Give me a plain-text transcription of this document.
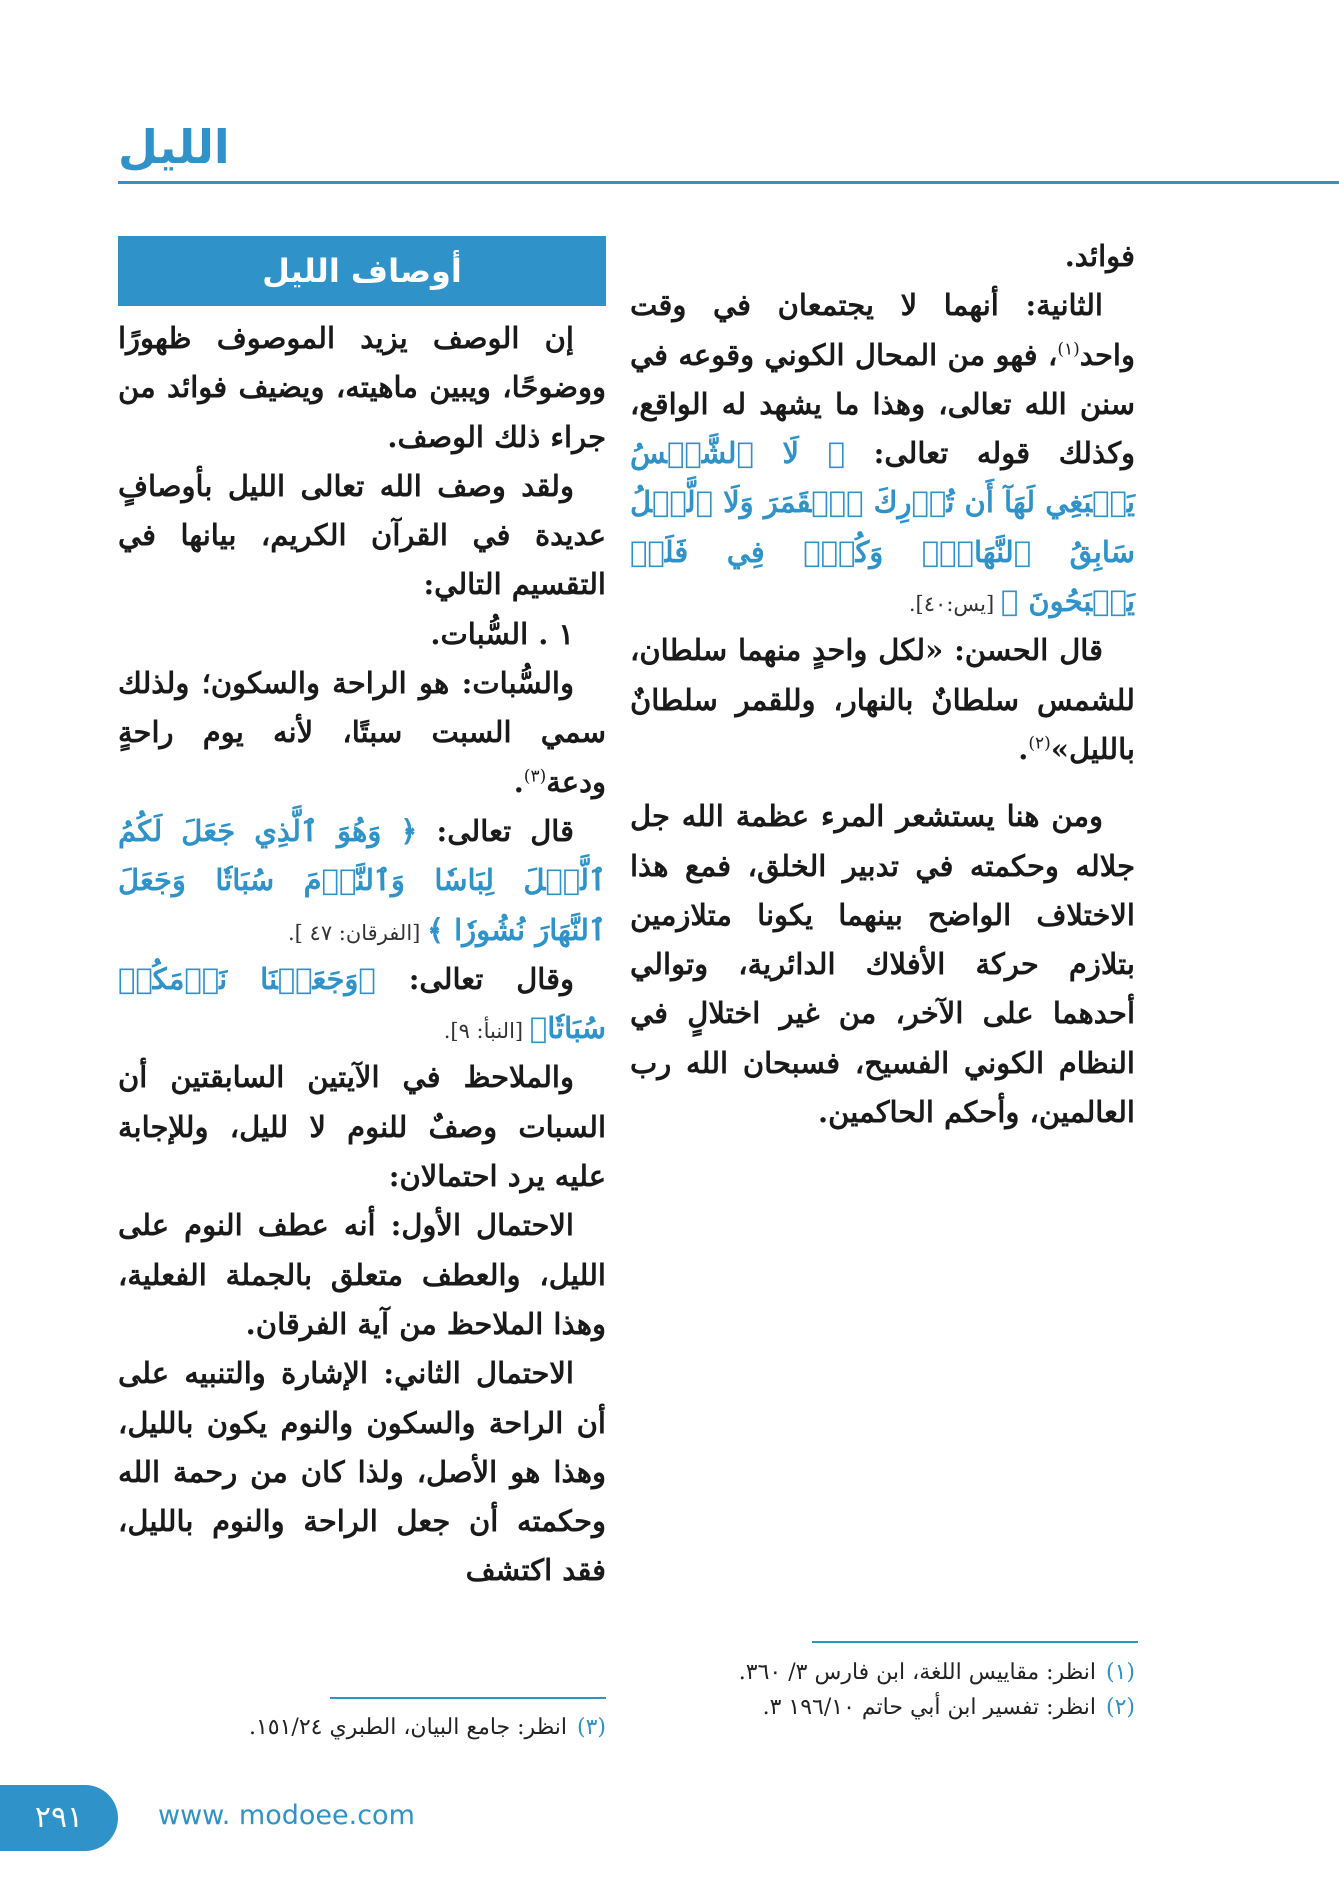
الليل

فوائد.

الثانية: أنهما لا يجتمعان في وقت واحد$^{(١)}$، فهو من المحال الكوني وقوعه في سنن الله تعالى، وهذا ما يشهد له الواقع، وكذلك قوله تعالى: ﴿ لَا ٱلشَّمۡسُ يَنۢبَغِي لَهَآ أَن تُدۡرِكَ ٱلۡقَمَرَ وَلَا ٱلَّيۡلُ سَابِقُ ٱلنَّهَارِۚ وَكُلّٞ فِي فَلَكٖ يَسۡبَحُونَ ﴾ [يس:٤٠].

قال الحسن: «لكل واحدٍ منهما سلطان، للشمس سلطانٌ بالنهار، وللقمر سلطانٌ بالليل»$^{(٢)}$.

ومن هنا يستشعر المرء عظمة الله جل جلاله وحكمته في تدبير الخلق، فمع هذا الاختلاف الواضح بينهما يكونا متلازمين بتلازم حركة الأفلاك الدائرية، وتوالي أحدهما على الآخر، من غير اختلالٍ في النظام الكوني الفسيح، فسبحان الله رب العالمين، وأحكم الحاكمين.

أوصاف الليل

إن الوصف يزيد الموصوف ظهورًا ووضوحًا، ويبين ماهيته، ويضيف فوائد من جراء ذلك الوصف.

ولقد وصف الله تعالى الليل بأوصافٍ عديدة في القرآن الكريم، بيانها في التقسيم التالي:

١ . السُّبات.

والسُّبات: هو الراحة والسكون؛ ولذلك سمي السبت سبتًا، لأنه يوم راحةٍ ودعة$^{(٣)}$.

قال تعالى: ﴿ وَهُوَ ٱلَّذِي جَعَلَ لَكُمُ ٱلَّيۡلَ لِبَاسٗا وَٱلنَّوۡمَ سُبَاتٗا وَجَعَلَ ٱلنَّهَارَ نُشُورٗا ﴾ [الفرقان: ٤٧ ].

وقال تعالى: ﴿وَجَعَلۡنَا نَوۡمَكُمۡ سُبَاتٗا﴾ [النبأ: ٩].

والملاحظ في الآيتين السابقتين أن السبات وصفٌ للنوم لا لليل، وللإجابة عليه يرد احتمالان:

الاحتمال الأول: أنه عطف النوم على الليل، والعطف متعلق بالجملة الفعلية، وهذا الملاحظ من آية الفرقان.

الاحتمال الثاني: الإشارة والتنبيه على أن الراحة والسكون والنوم يكون بالليل، وهذا هو الأصل، ولذا كان من رحمة الله وحكمته أن جعل الراحة والنوم بالليل، فقد اكتشف

(١)انظر: مقاييس اللغة، ابن فارس ٣/ ٣٦٠.

(٢)انظر: تفسير ابن أبي حاتم ١٩٦/١٠ ٣.

(٣)انظر: جامع البيان، الطبري ١٥١/٢٤.

٢٩١	www. modoee.com
